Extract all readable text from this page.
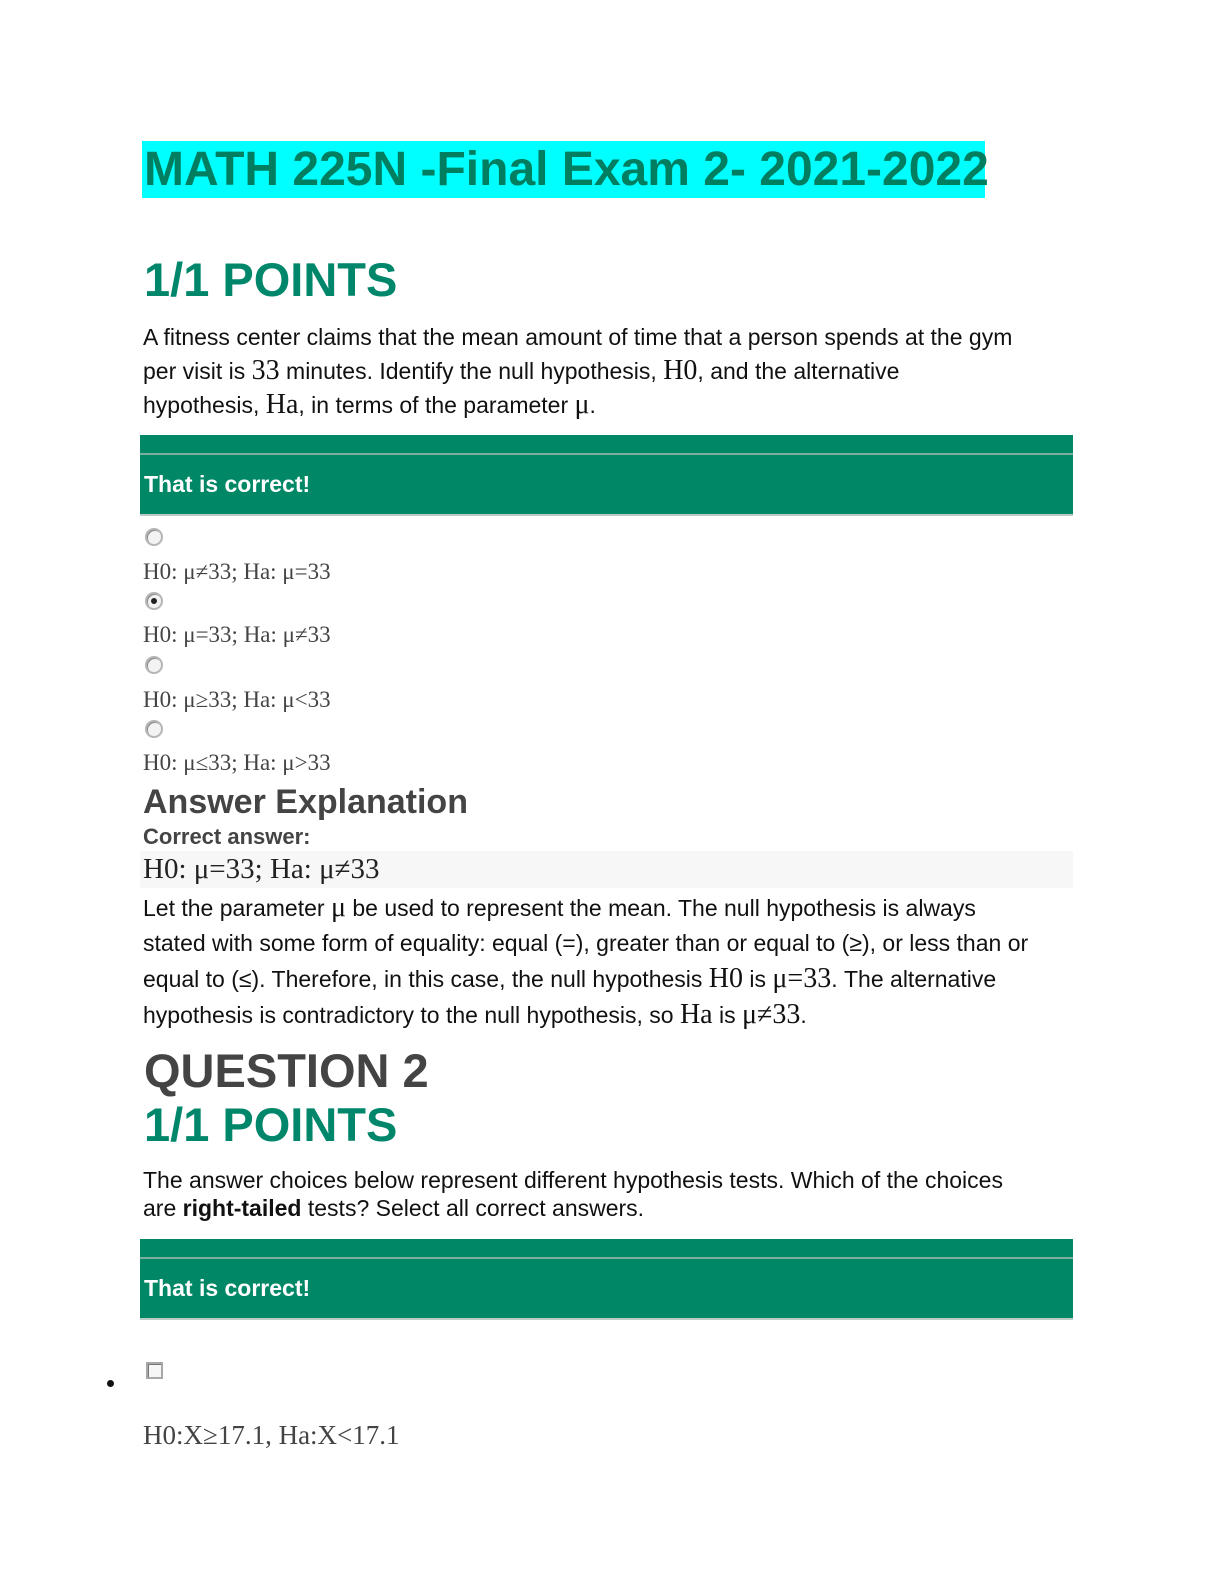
MATH 225N -Final Exam 2- 2021-2022
1/1 POINTS
A fitness center claims that the mean amount of time that a person spends at the gym
per visit is 33 minutes. Identify the null hypothesis, H0, and the alternative
hypothesis, Ha, in terms of the parameter μ.
That is correct!
H0: μ≠33; Ha: μ=33
H0: μ=33; Ha: μ≠33
H0: μ≥33; Ha: μ<33
H0: μ≤33; Ha: μ>33
Answer Explanation
Correct answer:
H0: μ=33; Ha: μ≠33
Let the parameter μ be used to represent the mean. The null hypothesis is always
stated with some form of equality: equal (=), greater than or equal to (≥), or less than or
equal to (≤). Therefore, in this case, the null hypothesis H0 is μ=33. The alternative
hypothesis is contradictory to the null hypothesis, so Ha is μ≠33.
QUESTION 2
1/1 POINTS
The answer choices below represent different hypothesis tests. Which of the choices
are right-tailed tests? Select all correct answers.
That is correct!
H0:X≥17.1, Ha:X<17.1
